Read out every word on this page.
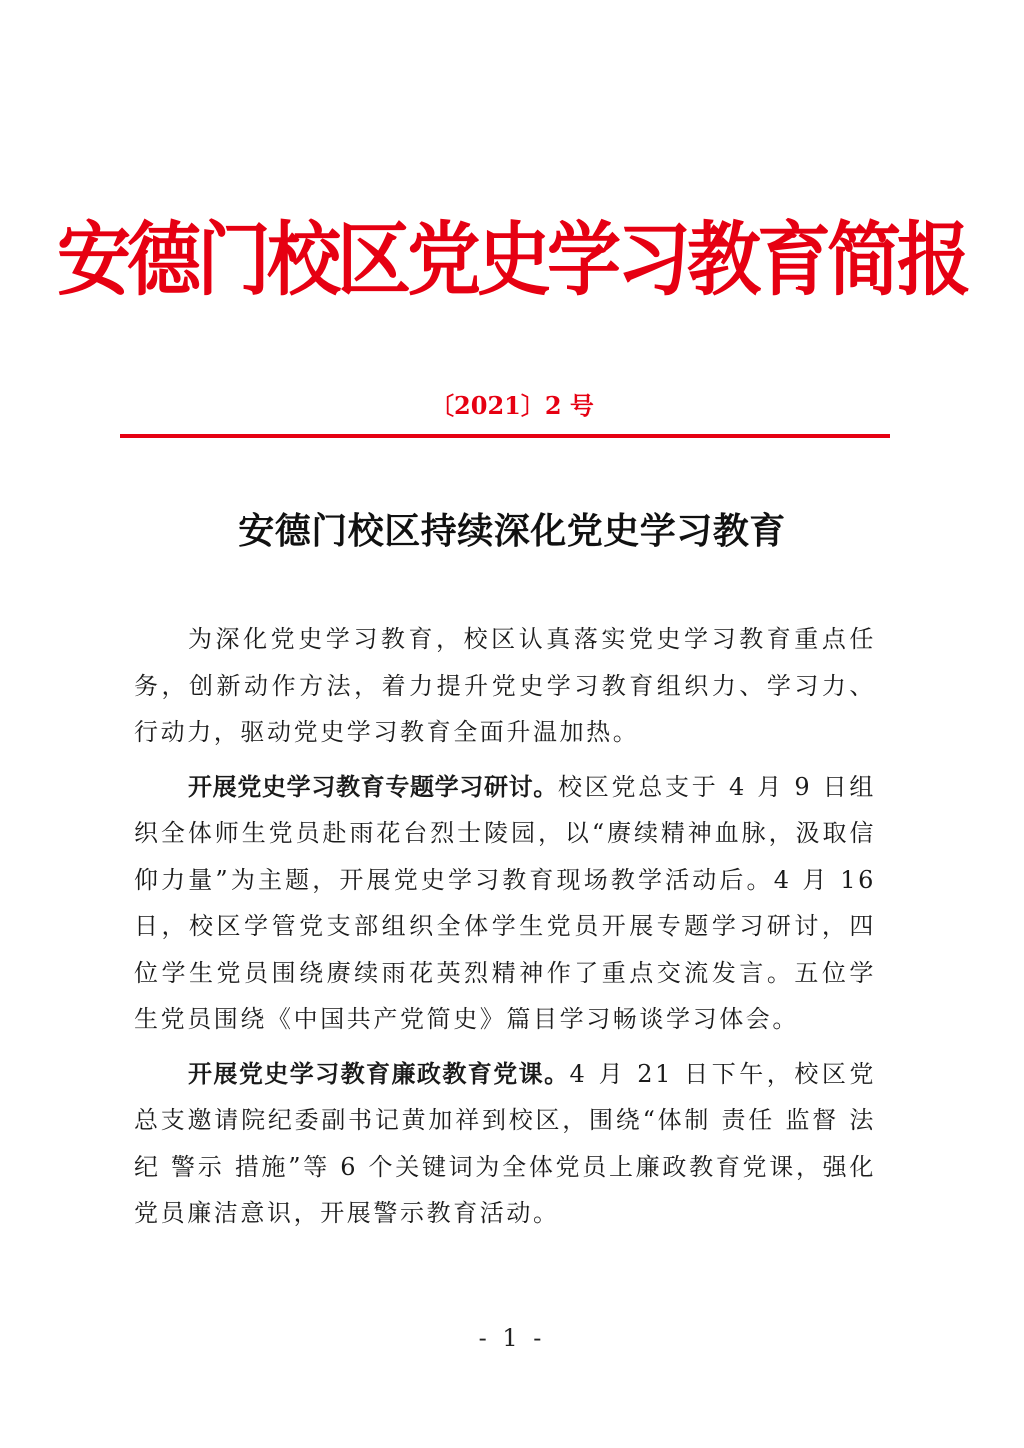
安德门校区党史学习教育简报
〔2021〕2 号
安德门校区持续深化党史学习教育

为深化党史学习教育，校区认真落实党史学习教育重点任务，创新动作方法，着力提升党史学习教育组织力、学习力、行动力，驱动党史学习教育全面升温加热。

开展党史学习教育专题学习研讨。校区党总支于 4 月 9 日组织全体师生党员赴雨花台烈士陵园，以“赓续精神血脉，汲取信仰力量”为主题，开展党史学习教育现场教学活动后。4 月 16 日，校区学管党支部组织全体学生党员开展专题学习研讨，四位学生党员围绕赓续雨花英烈精神作了重点交流发言。五位学生党员围绕《中国共产党简史》篇目学习畅谈学习体会。

开展党史学习教育廉政教育党课。4 月 21 日下午，校区党总支邀请院纪委副书记黄加祥到校区，围绕“体制 责任 监督 法纪 警示 措施”等 6 个关键词为全体党员上廉政教育党课，强化党员廉洁意识，开展警示教育活动。

- 1 -
